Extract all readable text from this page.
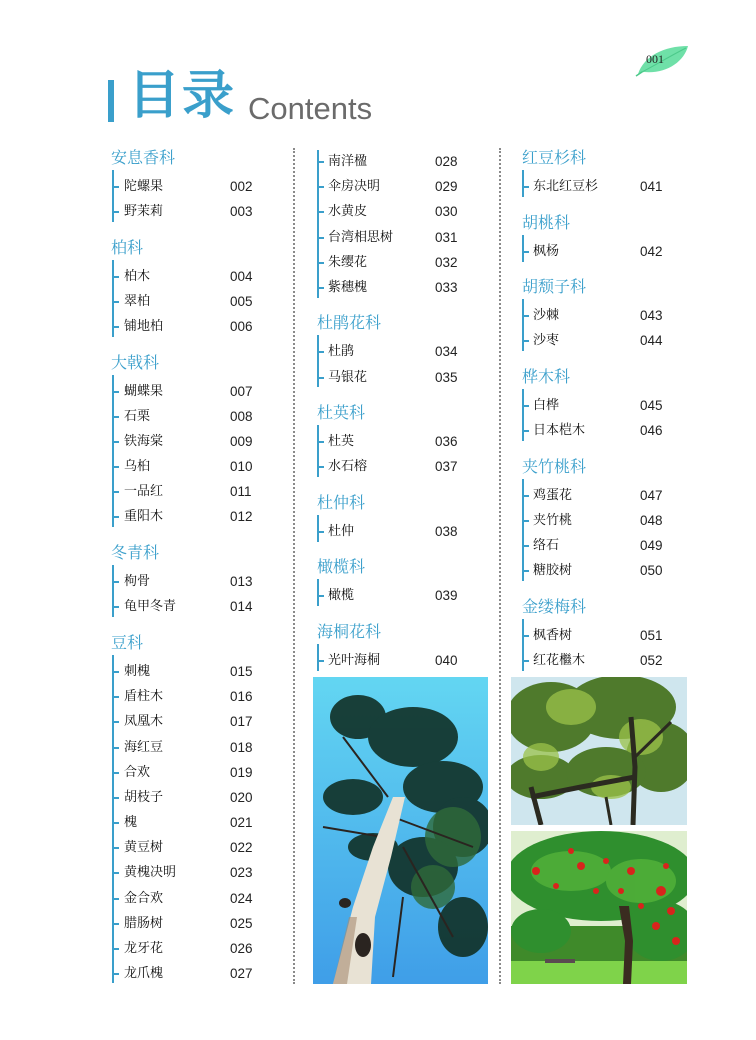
目录 Contents
001
安息香科
陀螺果	002
野茉莉	003
柏科
柏木	004
翠柏	005
铺地柏	006
大戟科
蝴蝶果	007
石栗	008
铁海棠	009
乌桕	010
一品红	011
重阳木	012
冬青科
枸骨	013
龟甲冬青	014
豆科
刺槐	015
盾柱木	016
凤凰木	017
海红豆	018
合欢	019
胡枝子	020
槐	021
黄豆树	022
黄槐决明	023
金合欢	024
腊肠树	025
龙牙花	026
龙爪槐	027
南洋楹	028
伞房决明	029
水黄皮	030
台湾相思树	031
朱缨花	032
紫穗槐	033
杜鹃花科
杜鹃	034
马银花	035
杜英科
杜英	036
水石榕	037
杜仲科
杜仲	038
橄榄科
橄榄	039
海桐花科
光叶海桐	040
红豆杉科
东北红豆杉	041
胡桃科
枫杨	042
胡颓子科
沙棘	043
沙枣	044
桦木科
白桦	045
日本桤木	046
夹竹桃科
鸡蛋花	047
夹竹桃	048
络石	049
糖胶树	050
金缕梅科
枫香树	051
红花檵木	052
